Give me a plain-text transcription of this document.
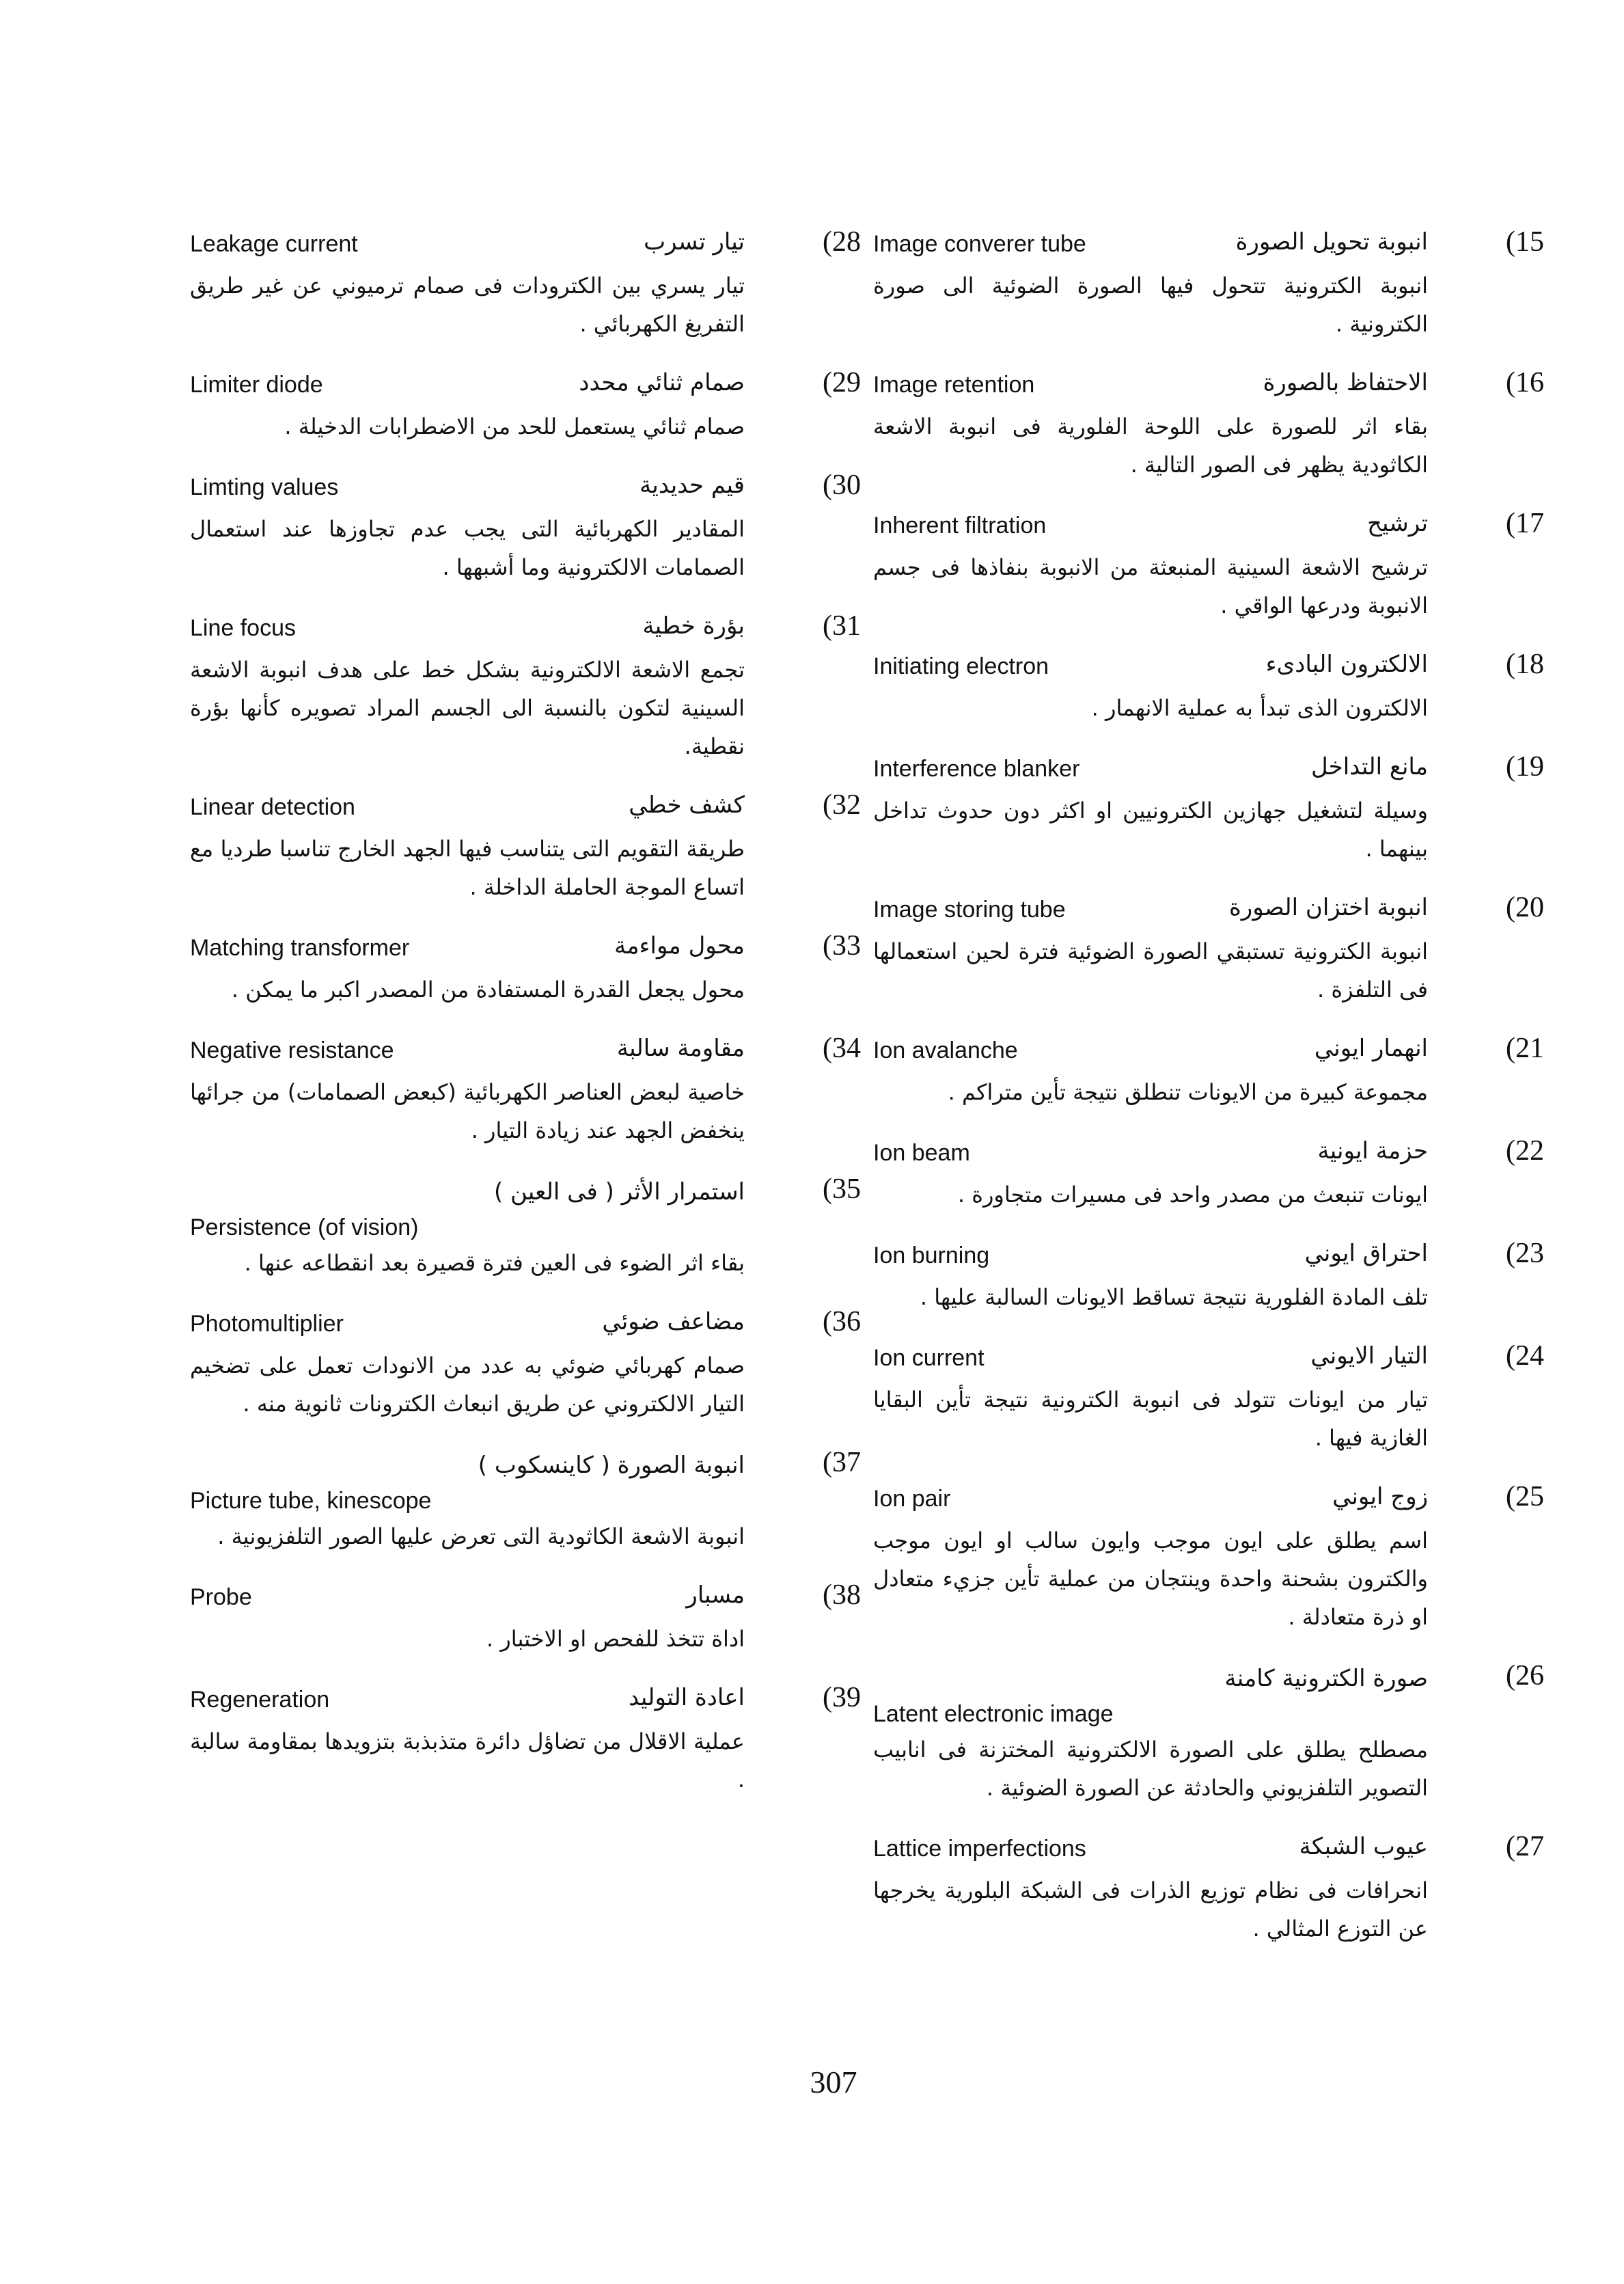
(28
Leakage current	تيار تسرب
تيار يسري بين الكترودات فى صمام ترميوني عن غير طريق التفريغ الكهربائي .
(29
Limiter diode	صمام ثنائي محدد
صمام ثنائي يستعمل للحد من الاضطرابات الدخيلة .
(30
Limting values	قيم حديدية
المقادير الكهربائية التى يجب عدم تجاوزها عند استعمال الصمامات الالكترونية وما أشبهها .
(31
Line focus	بؤرة خطية
تجمع الاشعة الالكترونية بشكل خط على هدف انبوبة الاشعة السينية لتكون بالنسبة الى الجسم المراد تصويره كأنها بؤرة نقطية.
(32
Linear detection	كشف خطي
طريقة التقويم التى يتناسب فيها الجهد الخارج تناسبا طرديا مع اتساع الموجة الحاملة الداخلة .
(33
Matching transformer	محول مواءمة
محول يجعل القدرة المستفادة من المصدر اكبر ما يمكن .
(34
Negative resistance	مقاومة سالبة
خاصية لبعض العناصر الكهربائية (كبعض الصمامات) من جرائها ينخفض الجهد عند زيادة التيار .
(35
استمرار الأثر ( فى العين )
Persistence (of vision)
بقاء اثر الضوء فى العين فترة قصيرة بعد انقطاعه عنها .
(36
Photomultiplier	مضاعف ضوئي
صمام كهربائي ضوئي به عدد من الانودات تعمل على تضخيم التيار الالكتروني عن طريق انبعاث الكترونات ثانوية منه .
(37
انبوبة الصورة ( كاينسكوب )
Picture tube, kinescope
انبوبة الاشعة الكاثودية التى تعرض عليها الصور التلفزيونية .
(38
Probe	مسبار
اداة تتخذ للفحص او الاختبار .
(39
Regeneration	اعادة التوليد
عملية الاقلال من تضاؤل دائرة متذبذبة بتزويدها بمقاومة سالبة .
(15
Image converer tube	انبوبة تحويل الصورة
انبوبة الكترونية تتحول فيها الصورة الضوئية الى صورة الكترونية .
(16
Image retention	الاحتفاظ بالصورة
بقاء اثر للصورة على اللوحة الفلورية فى انبوبة الاشعة الكاثودية يظهر فى الصور التالية .
(17
Inherent filtration	ترشيح
ترشيح الاشعة السينية المنبعثة من الانبوبة بنفاذها فى جسم الانبوبة ودرعها الواقي .
(18
Initiating electron	الالكترون البادىء
الالكترون الذى تبدأ به عملية الانهمار .
(19
Interference blanker	مانع التداخل
وسيلة لتشغيل جهازين الكترونيين او اكثر دون حدوث تداخل بينهما .
(20
Image storing tube	انبوبة اختزان الصورة
انبوبة الكترونية تستبقي الصورة الضوئية فترة لحين استعمالها فى التلفزة .
(21
Ion avalanche	انهمار ايوني
مجموعة كبيرة من الايونات تنطلق نتيجة تأين متراكم .
(22
Ion beam	حزمة ايونية
ايونات تنبعث من مصدر واحد فى مسيرات متجاورة .
(23
Ion burning	احتراق ايوني
تلف المادة الفلورية نتيجة تساقط الايونات السالبة عليها .
(24
Ion current	التيار الايوني
تيار من ايونات تتولد فى انبوبة الكترونية نتيجة تأين البقايا الغازية فيها .
(25
Ion pair	زوج ايوني
اسم يطلق على ايون موجب وايون سالب او ايون موجب والكترون بشحنة واحدة وينتجان من عملية تأين جزيء متعادل او ذرة متعادلة .
(26
صورة الكترونية كامنة
Latent electronic image
مصطلح يطلق على الصورة الالكترونية المختزنة فى انابيب التصوير التلفزيوني والحادثة عن الصورة الضوئية .
(27
Lattice imperfections	عيوب الشبكة
انحرافات فى نظام توزيع الذرات فى الشبكة البلورية يخرجها عن التوزع المثالي .
307
